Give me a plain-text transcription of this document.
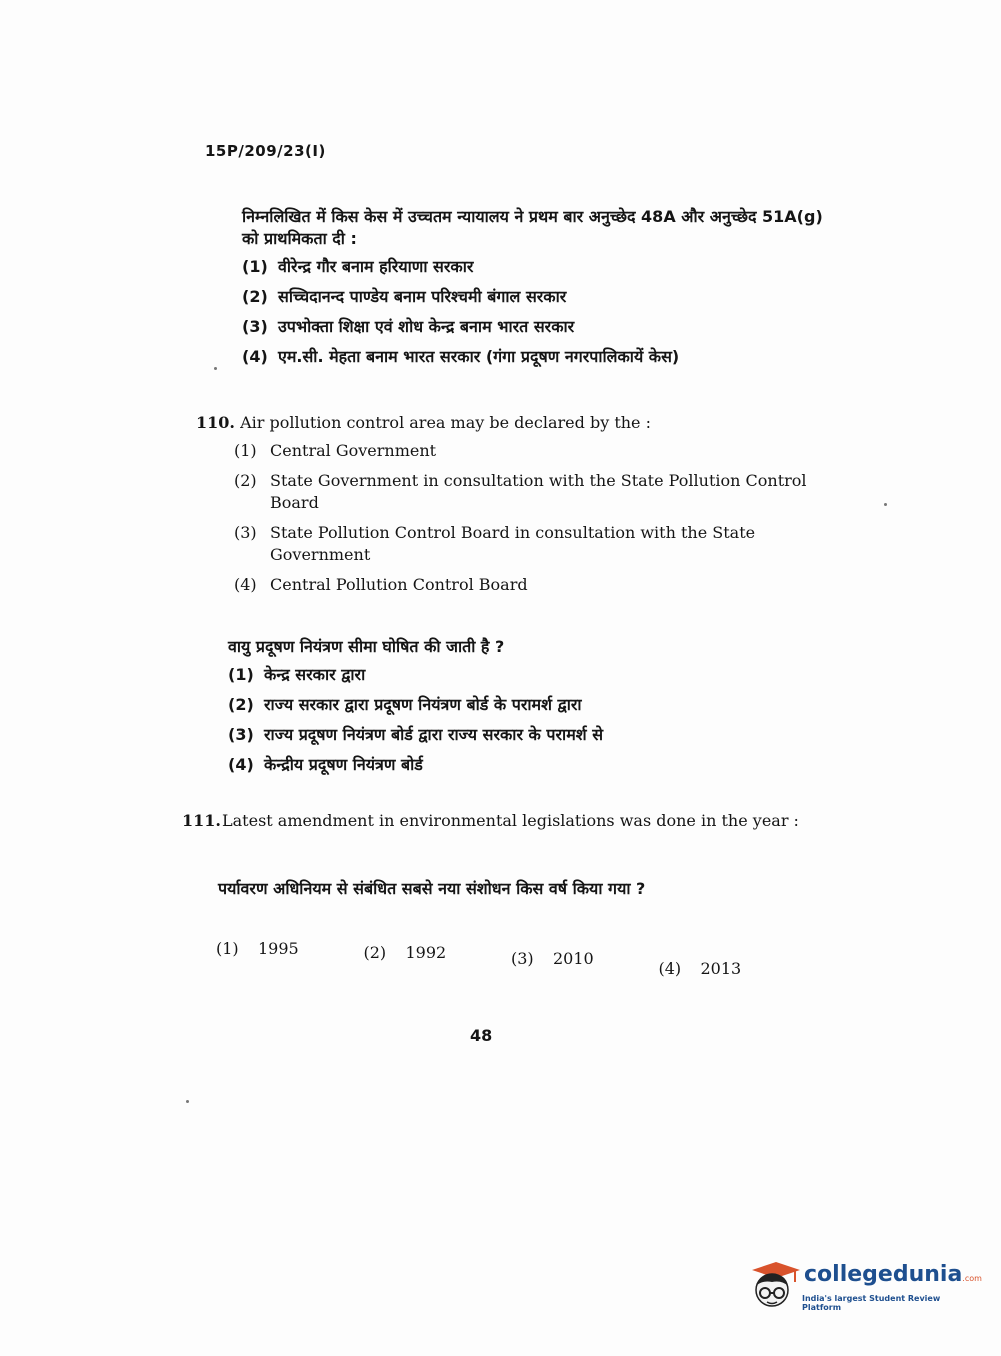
15P/209/23(I)
निम्नलिखित में किस केस में उच्चतम न्यायालय ने प्रथम बार अनुच्छेद 48A और अनुच्छेद 51A(g) को प्राथमिकता दी :
(1) वीरेन्द्र गौर बनाम हरियाणा सरकार
(2) सच्चिदानन्द पाण्डेय बनाम परिश्चमी बंगाल सरकार
(3) उपभोक्ता शिक्षा एवं शोध केन्द्र बनाम भारत सरकार
(4) एम.सी. मेहता बनाम भारत सरकार (गंगा प्रदूषण नगरपालिकायें केस)
110. Air pollution control area may be declared by the :
(1) Central Government
(2) State Government in consultation with the State Pollution Control Board
(3) State Pollution Control Board in consultation with the State Government
(4) Central Pollution Control Board
वायु प्रदूषण नियंत्रण सीमा घोषित की जाती है ?
(1) केन्द्र सरकार द्वारा
(2) राज्य सरकार द्वारा प्रदूषण नियंत्रण बोर्ड के परामर्श द्वारा
(3) राज्य प्रदूषण नियंत्रण बोर्ड द्वारा राज्य सरकार के परामर्श से
(4) केन्द्रीय प्रदूषण नियंत्रण बोर्ड
111. Latest amendment in environmental legislations was done in the year :
पर्यावरण अधिनियम से संबंधित सबसे नया संशोधन किस वर्ष किया गया ?
(1)	1995	(2)	1992	(3)	2010
(4)	2013
48
collegedunia.com
India's largest Student Review Platform
